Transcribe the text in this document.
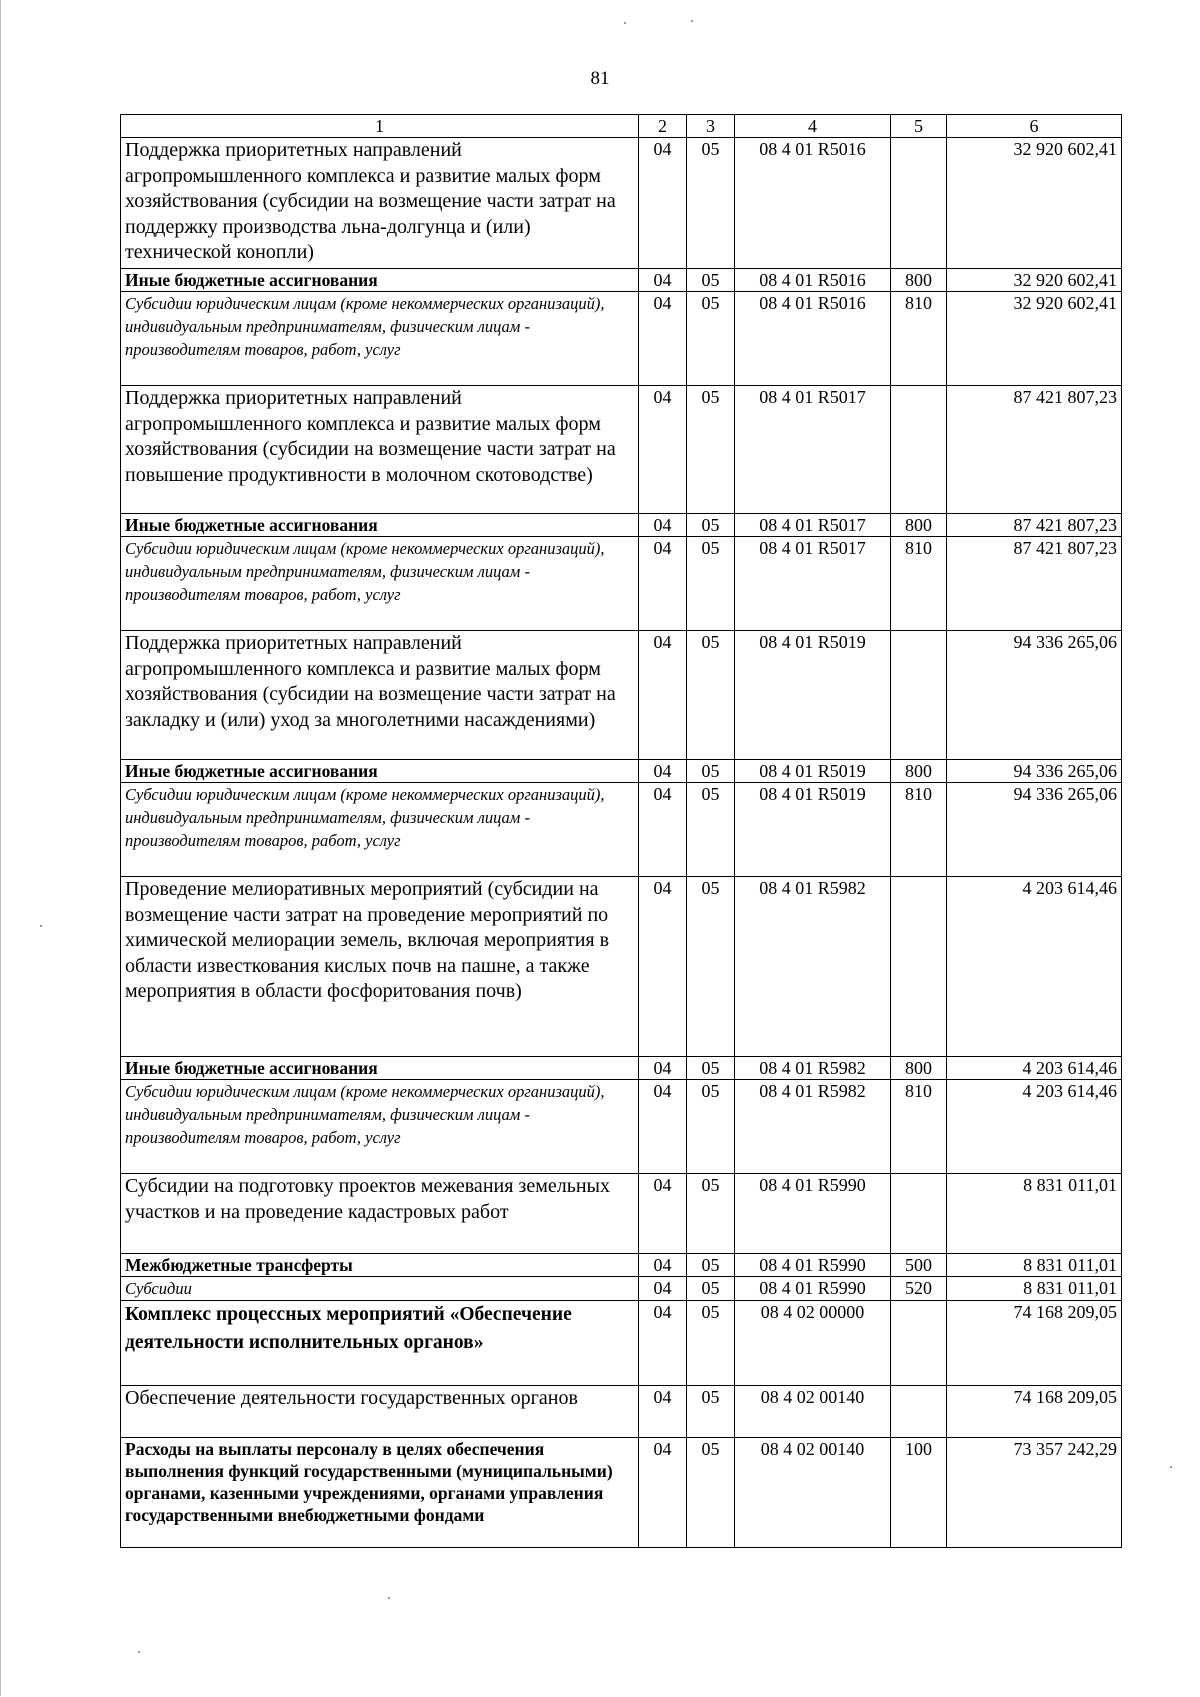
81
1	2	3	4	5	6
Поддержка приоритетных направлений агропромышленного комплекса и развитие малых форм хозяйствования (субсидии на возмещение части затрат на поддержку производства льна-долгунца и (или) технической конопли)	04	05	08 4 01 R5016		32 920 602,41
Иные бюджетные ассигнования	04	05	08 4 01 R5016	800	32 920 602,41
Субсидии юридическим лицам (кроме некоммерческих организаций), индивидуальным предпринимателям, физическим лицам - производителям товаров, работ, услуг	04	05	08 4 01 R5016	810	32 920 602,41
Поддержка приоритетных направлений агропромышленного комплекса и развитие малых форм хозяйствования (субсидии на возмещение части затрат на повышение продуктивности в молочном скотоводстве)	04	05	08 4 01 R5017		87 421 807,23
Иные бюджетные ассигнования	04	05	08 4 01 R5017	800	87 421 807,23
Субсидии юридическим лицам (кроме некоммерческих организаций), индивидуальным предпринимателям, физическим лицам - производителям товаров, работ, услуг	04	05	08 4 01 R5017	810	87 421 807,23
Поддержка приоритетных направлений агропромышленного комплекса и развитие малых форм хозяйствования (субсидии на возмещение части затрат на закладку и (или) уход за многолетними насаждениями)	04	05	08 4 01 R5019		94 336 265,06
Иные бюджетные ассигнования	04	05	08 4 01 R5019	800	94 336 265,06
Субсидии юридическим лицам (кроме некоммерческих организаций), индивидуальным предпринимателям, физическим лицам - производителям товаров, работ, услуг	04	05	08 4 01 R5019	810	94 336 265,06
Проведение мелиоративных мероприятий (субсидии на возмещение части затрат на проведение мероприятий по химической мелиорации земель, включая мероприятия в области известкования кислых почв на пашне, а также мероприятия в области фосфоритования почв)	04	05	08 4 01 R5982		4 203 614,46
Иные бюджетные ассигнования	04	05	08 4 01 R5982	800	4 203 614,46
Субсидии юридическим лицам (кроме некоммерческих организаций), индивидуальным предпринимателям, физическим лицам - производителям товаров, работ, услуг	04	05	08 4 01 R5982	810	4 203 614,46
Субсидии на подготовку проектов межевания земельных участков и на проведение кадастровых работ	04	05	08 4 01 R5990		8 831 011,01
Межбюджетные трансферты	04	05	08 4 01 R5990	500	8 831 011,01
Субсидии	04	05	08 4 01 R5990	520	8 831 011,01
Комплекс процессных мероприятий «Обеспечение деятельности исполнительных органов»	04	05	08 4 02 00000		74 168 209,05
Обеспечение деятельности государственных органов	04	05	08 4 02 00140		74 168 209,05
Расходы на выплаты персоналу в целях обеспечения выполнения функций государственными (муниципальными) органами, казенными учреждениями, органами управления государственными внебюджетными фондами	04	05	08 4 02 00140	100	73 357 242,29
